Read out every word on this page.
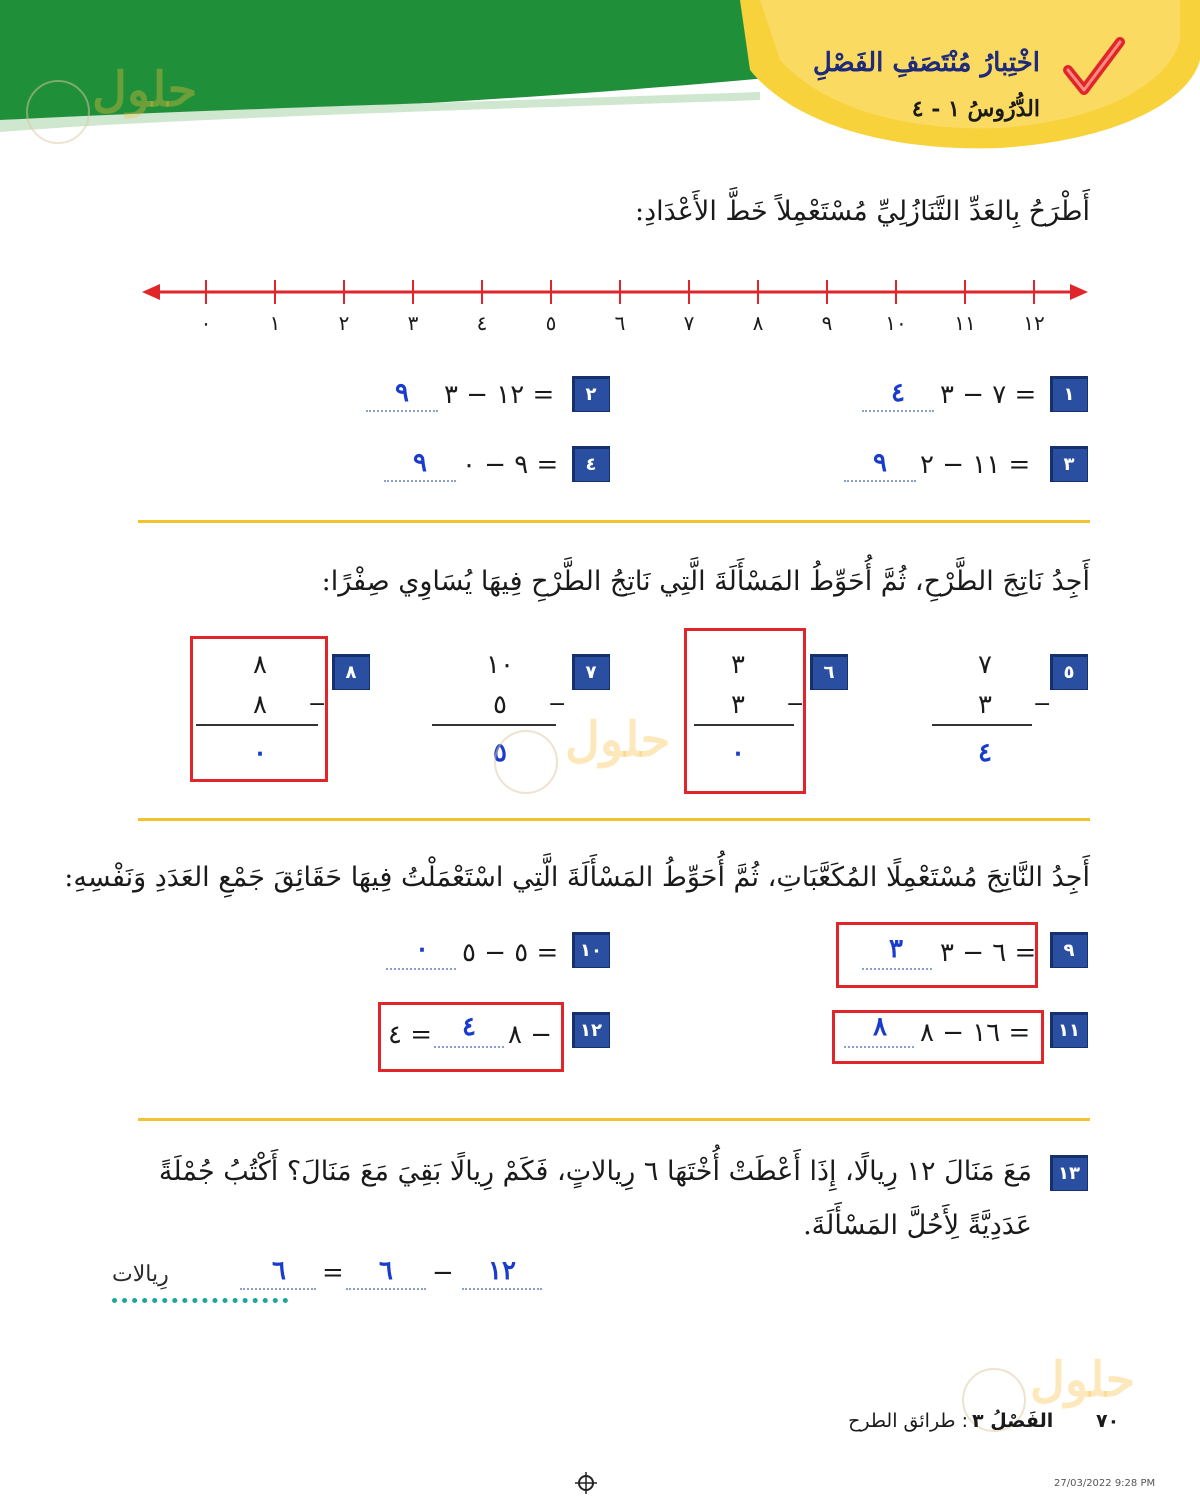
اخْتِبارُ مُنْتَصَفِ الفَصْلِ
الدُّرُوسُ ١ - ٤
حلول
أَطْرَحُ بِالعَدِّ التَّنَازُلِيِّ مُسْتَعْمِلاً خَطَّ الأَعْدَادِ:
٠	١	٢	٣	٤	٥	٦	٧	٨	٩	١٠ ١١ ١٢
١
٧ − ٣ =
٤
٢
١٢ − ٣ =
٩
٣
١١ − ٢ =
٩
٤
٩ − ٠ =
٩
أَجِدُ نَاتِجَ الطَّرْحِ، ثُمَّ أُحَوِّطُ المَسْأَلَةَ الَّتِي نَاتِجُ الطَّرْحِ فِيهَا يُسَاوِي صِفْرًا:
٥
٧
٣	−
٤
٦
٣
٣	−
٠
٧
١٠
٥	−
٥
٨
٨
٨	−
٠	حلول
أَجِدُ النَّاتِجَ مُسْتَعْمِلًا المُكَعَّبَاتِ، ثُمَّ أُحَوِّطُ المَسْأَلَةَ الَّتِي اسْتَعْمَلْتُ فِيهَا حَقَائِقَ جَمْعِ العَدَدِ وَنَفْسِهِ:
٩
٦ − ٣ =
٣
١٠
٥ − ٥ =
٠
١١
١٦ − ٨ =
٨
١٢
٨ −
٤
= ٤
١٣
مَعَ مَنَالَ ١٢ رِيالًا، إِذَا أَعْطَتْ أُخْتَهَا ٦ رِيالاتٍ، فَكَمْ رِيالًا بَقِيَ مَعَ مَنَالَ؟ أَكْتُبُ جُمْلَةً
عَدَدِيَّةً لِأَحُلَّ المَسْأَلَةَ.
١٢
−
٦
=
٦
رِيالات
حلول
٧٠
الفَصْلُ ٣
: طرائق الطرح
27/03/2022 9:28 PM
